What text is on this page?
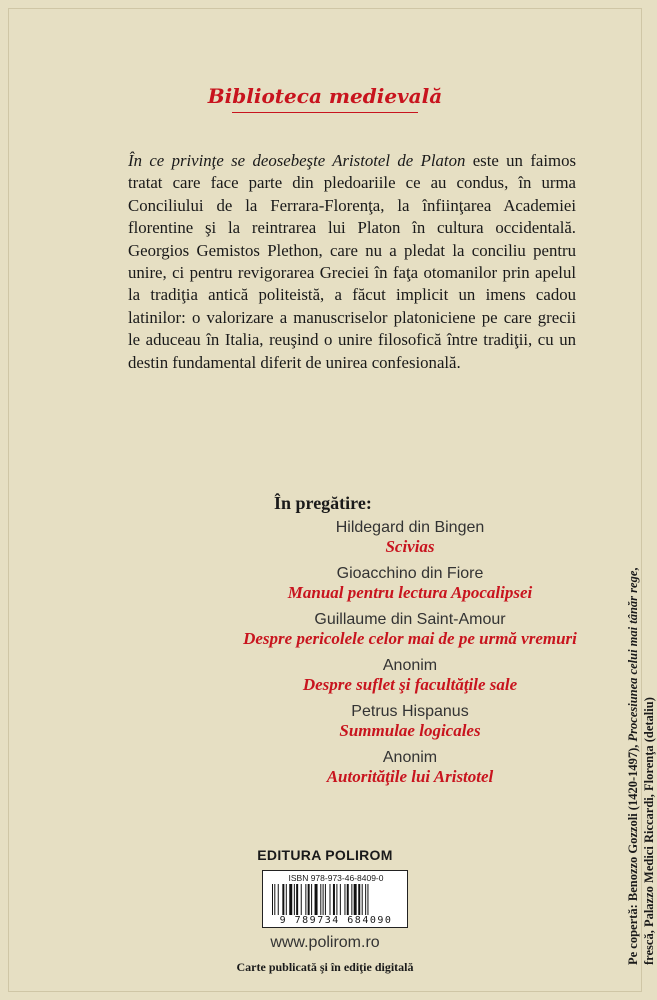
Biblioteca medievală
În ce privinţe se deosebeşte Aristotel de Platon este un faimos tratat care face parte din pledoariile ce au condus, în urma Conciliului de la Ferrara-Florenţa, la înfiinţarea Academiei florentine şi la reintrarea lui Platon în cultura occidentală. Georgios Gemistos Plethon, care nu a pledat la conciliu pentru unire, ci pentru revigorarea Greciei în faţa otomanilor prin apelul la tradiţia antică politeistă, a făcut implicit un imens cadou latinilor: o valorizare a manuscriselor platoniciene pe care grecii le aduceau în Italia, reuşind o unire filosofică între tradiţii, cu un destin fundamental diferit de unirea confesională.
În pregătire:
Hildegard din Bingen
Scivias
Gioacchino din Fiore
Manual pentru lectura Apocalipsei
Guillaume din Saint-Amour
Despre pericolele celor mai de pe urmă vremuri
Anonim
Despre suflet şi facultăţile sale
Petrus Hispanus
Summulae logicales
Anonim
Autorităţile lui Aristotel
EDITURA POLIROM
ISBN 978-973-46-8409-0
9 789734 684090
www.polirom.ro
Carte publicată şi în ediţie digitală
Pe copertă: Benozzo Gozzoli (1420-1497), Procesiunea celui mai tânăr rege,
frescă, Palazzo Medici Riccardi, Florenţa (detaliu)
